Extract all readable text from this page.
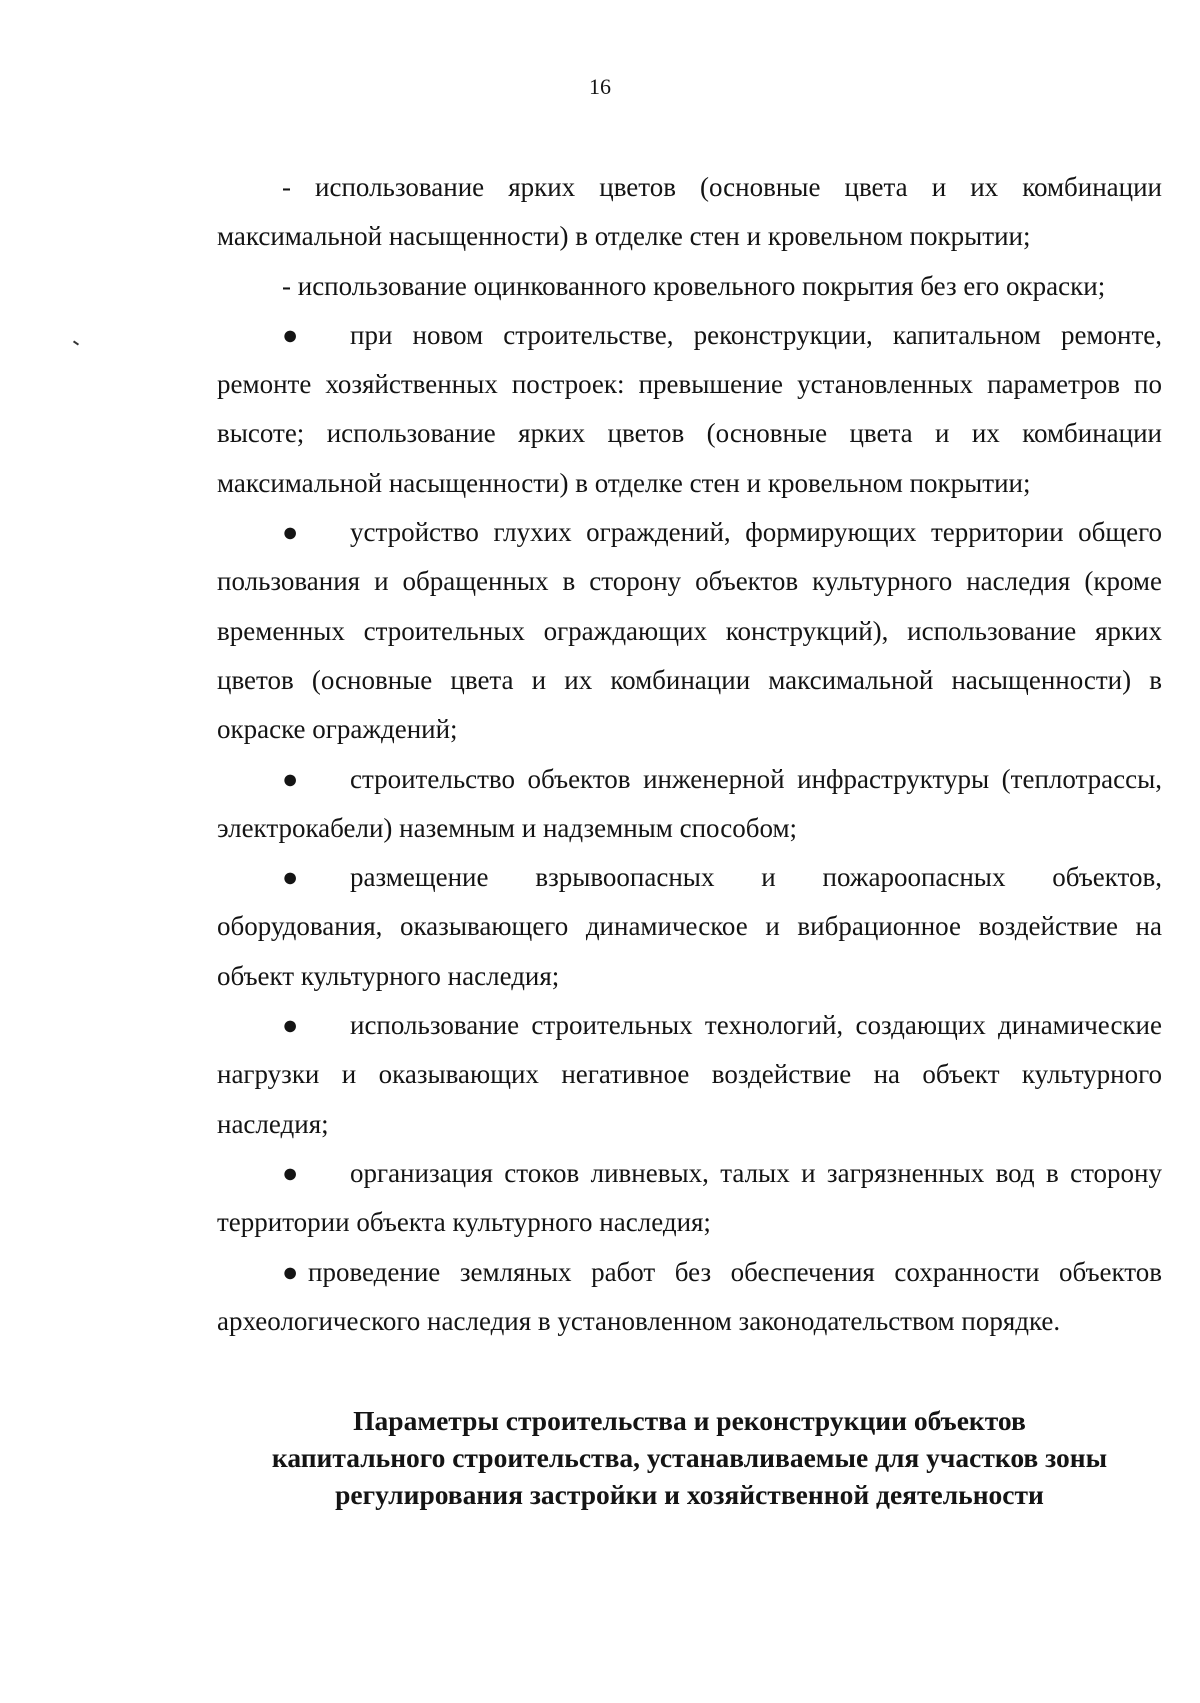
16

- использование ярких цветов (основные цвета и их комбинации максимальной насыщенности) в отделке стен и кровельном покрытии;

- использование оцинкованного кровельного покрытия без его окраски;

● при новом строительстве, реконструкции, капитальном ремонте, ремонте хозяйственных построек: превышение установленных параметров по высоте; использование ярких цветов (основные цвета и их комбинации максимальной насыщенности) в отделке стен и кровельном покрытии;

● устройство глухих ограждений, формирующих территории общего пользования и обращенных в сторону объектов культурного наследия (кроме временных строительных ограждающих конструкций), использование ярких цветов (основные цвета и их комбинации максимальной насыщенности) в окраске ограждений;

● строительство объектов инженерной инфраструктуры (теплотрассы, электрокабели) наземным и надземным способом;

● размещение взрывоопасных и пожароопасных объектов, оборудования, оказывающего динамическое и вибрационное воздействие на объект культурного наследия;

● использование строительных технологий, создающих динамические нагрузки и оказывающих негативное воздействие на объект культурного наследия;

● организация стоков ливневых, талых и загрязненных вод в сторону территории объекта культурного наследия;

● проведение земляных работ без обеспечения сохранности объектов археологического наследия в установленном законодательством порядке.

Параметры строительства и реконструкции объектов
капитального строительства, устанавливаемые для участков зоны
регулирования застройки и хозяйственной деятельности
